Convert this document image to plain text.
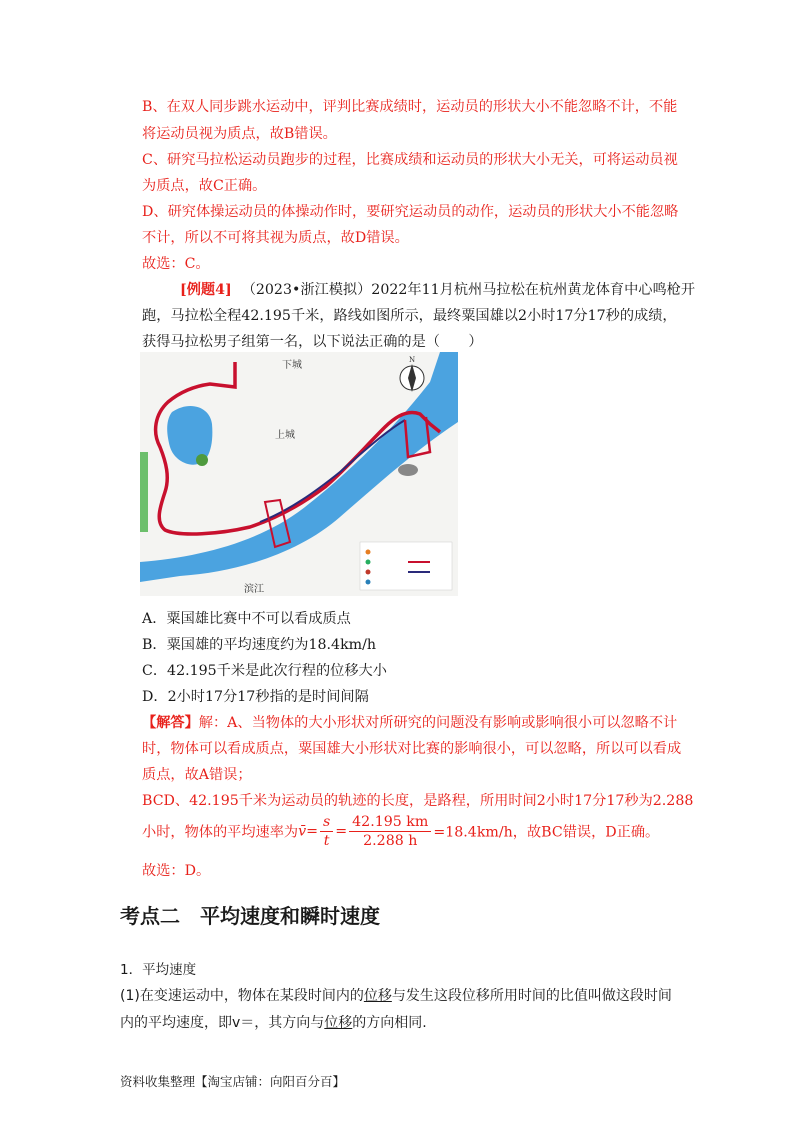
B、在双人同步跳水运动中，评判比赛成绩时，运动员的形状大小不能忽略不计，不能
将运动员视为质点，故B错误。
C、研究马拉松运动员跑步的过程，比赛成绩和运动员的形状大小无关，可将运动员视
为质点，故C正确。
D、研究体操运动员的体操动作时，要研究运动员的动作，运动员的形状大小不能忽略
不计，所以不可将其视为质点，故D错误。
故选：C。
[例题4] （2023•浙江模拟）2022年11月杭州马拉松在杭州黄龙体育中心鸣枪开
跑，马拉松全程42.195千米，路线如图所示，最终粟国雄以2小时17分17秒的成绩，
获得马拉松男子组第一名，以下说法正确的是（　　）
N
下城
上城
滨江
A．粟国雄比赛中不可以看成质点
B．粟国雄的平均速度约为18.4km/h
C．42.195千米是此次行程的位移大小
D．2小时17分17秒指的是时间间隔
【解答】解：A、当物体的大小形状对所研究的问题没有影响或影响很小可以忽略不计
时，物体可以看成质点，粟国雄大小形状对比赛的影响很小，可以忽略，所以可以看成
质点，故A错误；
BCD、42.195千米为运动员的轨迹的长度，是路程，所用时间2小时17分17秒为2.288
小时，物体的平均速率为v̄= $\frac{s}{t} = \frac{42.195 km}{2.288 h} =18.4km/h$，故BC错误，D正确。
故选：D。
考点二　平均速度和瞬时速度
1．平均速度
(1)在变速运动中，物体在某段时间内的位移与发生这段位移所用时间的比值叫做这段时间
内的平均速度，即v＝，其方向与位移的方向相同.
资料收集整理【淘宝店铺：向阳百分百】
